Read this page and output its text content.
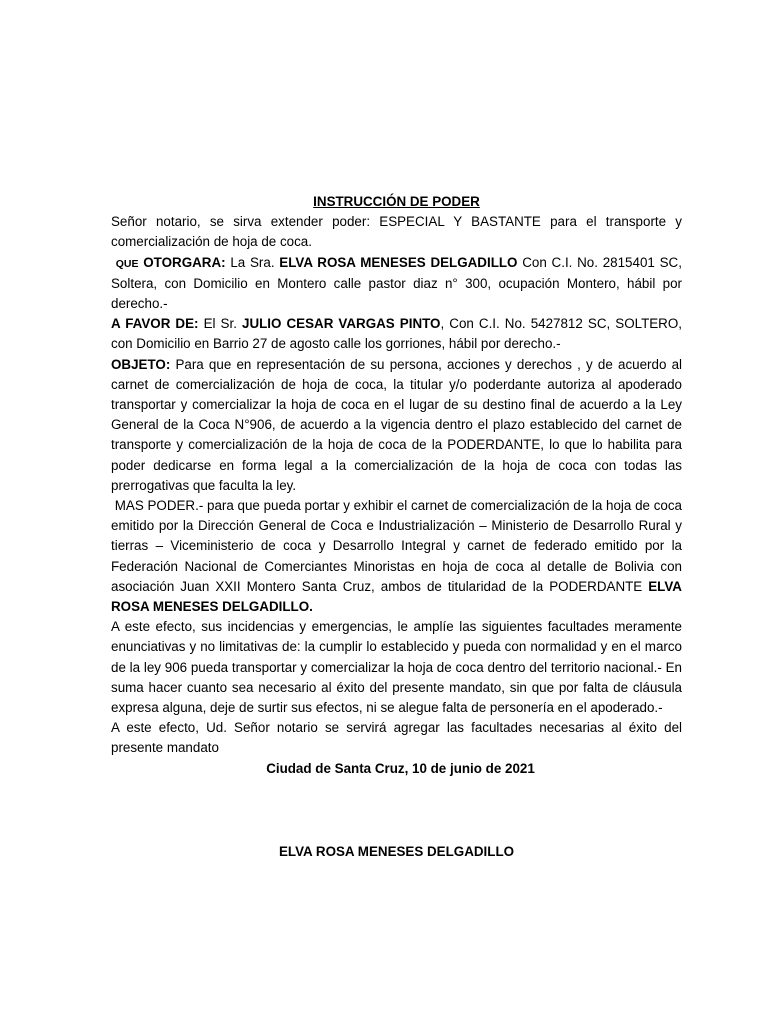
INSTRUCCIÓN DE PODER

Señor notario, se sirva extender poder: ESPECIAL Y BASTANTE para el transporte y comercialización de hoja de coca.

QUE OTORGARA: La Sra. ELVA ROSA MENESES DELGADILLO Con C.I. No. 2815401 SC, Soltera, con Domicilio en Montero calle pastor diaz n° 300, ocupación Montero, hábil por derecho.-

A FAVOR DE: El Sr. JULIO CESAR VARGAS PINTO, Con C.I. No. 5427812 SC, SOLTERO, con Domicilio en Barrio 27 de agosto calle los gorriones, hábil por derecho.-

OBJETO: Para que en representación de su persona, acciones y derechos , y de acuerdo al carnet de comercialización de hoja de coca, la titular y/o poderdante autoriza al apoderado transportar y comercializar la hoja de coca en el lugar de su destino final de acuerdo a la Ley General de la Coca N°906, de acuerdo a la vigencia dentro el plazo establecido del carnet de transporte y comercialización de la hoja de coca de la PODERDANTE, lo que lo habilita para poder dedicarse en forma legal a la comercialización de la hoja de coca con todas las prerrogativas que faculta la ley.

MAS PODER.- para que pueda portar y exhibir el carnet de comercialización de la hoja de coca emitido por la Dirección General de Coca e Industrialización – Ministerio de Desarrollo Rural y tierras – Viceministerio de coca y Desarrollo Integral y carnet de federado emitido por la Federación Nacional de Comerciantes Minoristas en hoja de coca al detalle de Bolivia con asociación Juan XXII Montero Santa Cruz, ambos de titularidad de la PODERDANTE ELVA ROSA MENESES DELGADILLO.

A este efecto, sus incidencias y emergencias, le amplíe las siguientes facultades meramente enunciativas y no limitativas de: la cumplir lo establecido y pueda con normalidad y en el marco de la ley 906 pueda transportar y comercializar la hoja de coca dentro del territorio nacional.- En suma hacer cuanto sea necesario al éxito del presente mandato, sin que por falta de cláusula expresa alguna, deje de surtir sus efectos, ni se alegue falta de personería en el apoderado.-

A este efecto, Ud. Señor notario se servirá agregar las facultades necesarias al éxito del presente mandato

Ciudad de Santa Cruz, 10 de junio de 2021
ELVA ROSA MENESES DELGADILLO
